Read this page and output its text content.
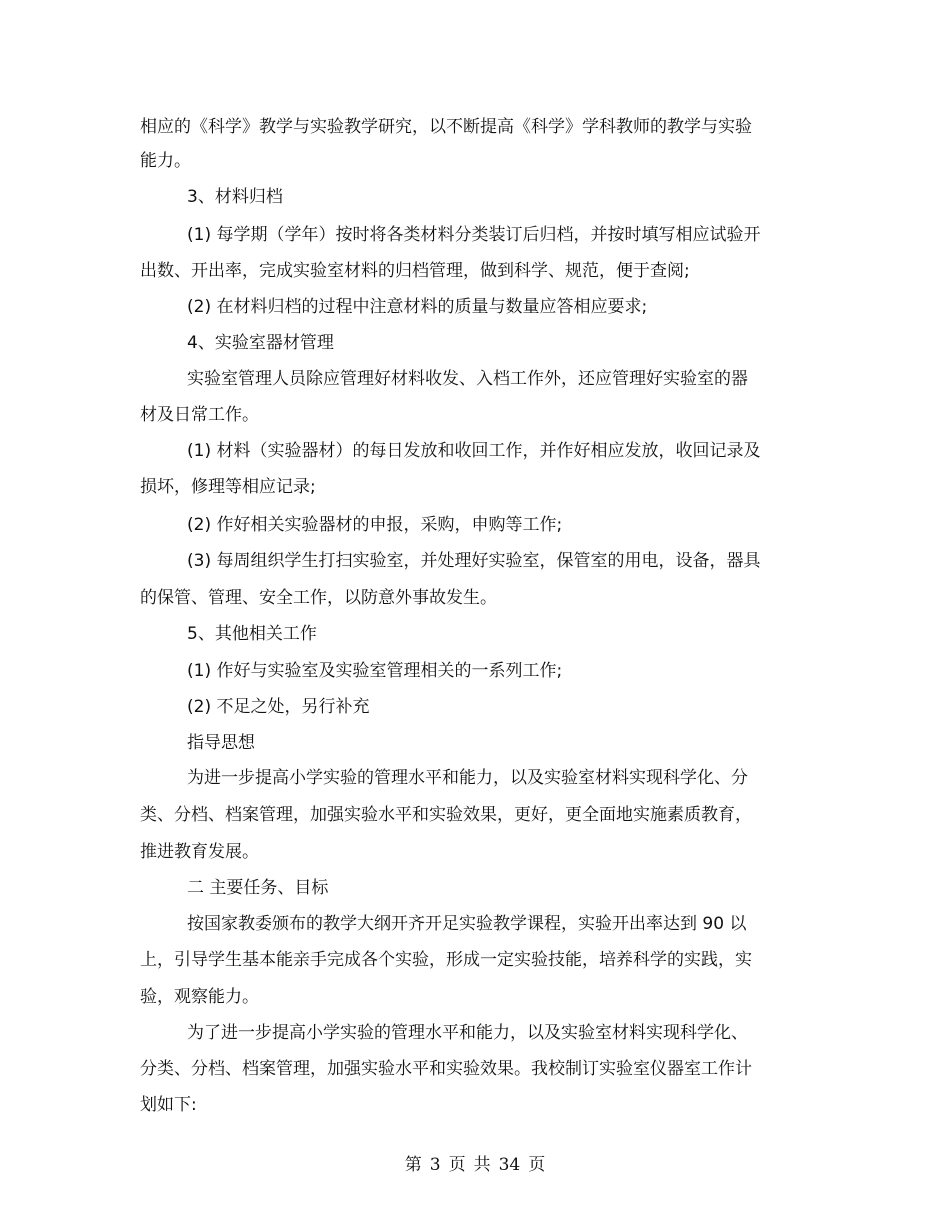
相应的《科学》教学与实验教学研究，以不断提高《科学》学科教师的教学与实验
能力。
3、材料归档
(1) 每学期（学年）按时将各类材料分类装订后归档，并按时填写相应试验开
出数、开出率，完成实验室材料的归档管理，做到科学、规范，便于查阅;
(2) 在材料归档的过程中注意材料的质量与数量应答相应要求;
4、实验室器材管理
实验室管理人员除应管理好材料收发、入档工作外，还应管理好实验室的器
材及日常工作。
(1) 材料（实验器材）的每日发放和收回工作，并作好相应发放，收回记录及
损坏，修理等相应记录;
(2) 作好相关实验器材的申报，采购，申购等工作;
(3) 每周组织学生打扫实验室，并处理好实验室，保管室的用电，设备，器具
的保管、管理、安全工作，以防意外事故发生。
5、其他相关工作
(1) 作好与实验室及实验室管理相关的一系列工作;
(2) 不足之处，另行补充
指导思想
为进一步提高小学实验的管理水平和能力，以及实验室材料实现科学化、分
类、分档、档案管理，加强实验水平和实验效果，更好，更全面地实施素质教育，
推进教育发展。
二 主要任务、目标
按国家教委颁布的教学大纲开齐开足实验教学课程，实验开出率达到 90 以
上，引导学生基本能亲手完成各个实验，形成一定实验技能，培养科学的实践，实
验，观察能力。
为了进一步提高小学实验的管理水平和能力，以及实验室材料实现科学化、
分类、分档、档案管理，加强实验水平和实验效果。我校制订实验室仪器室工作计
划如下:
第 3 页 共 34 页
